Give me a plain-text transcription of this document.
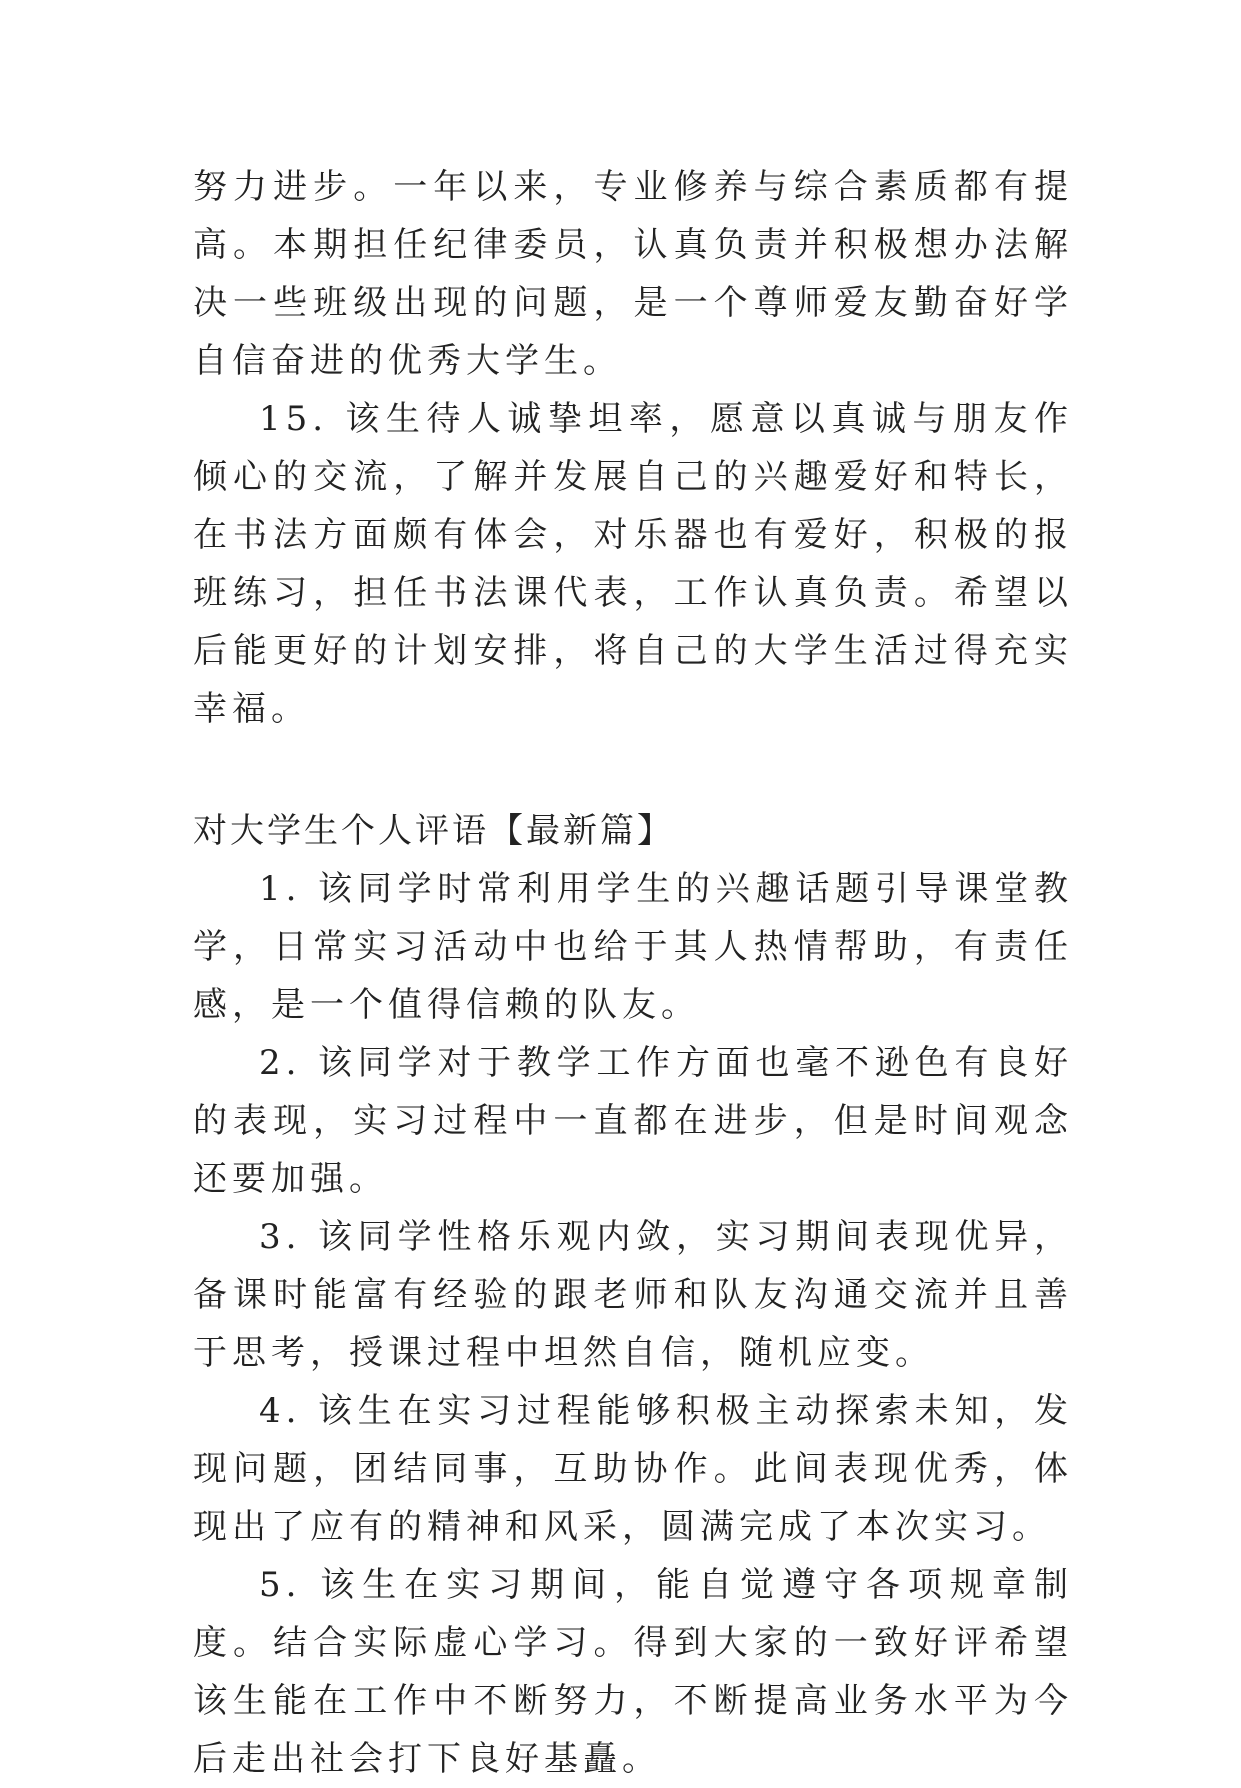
努力进步。一年以来，专业修养与综合素质都有提高。本期担任纪律委员，认真负责并积极想办法解决一些班级出现的问题，是一个尊师爱友勤奋好学自信奋进的优秀大学生。

15. 该生待人诚挚坦率，愿意以真诚与朋友作倾心的交流，了解并发展自己的兴趣爱好和特长，在书法方面颇有体会，对乐器也有爱好，积极的报班练习，担任书法课代表，工作认真负责。希望以后能更好的计划安排，将自己的大学生活过得充实幸福。

对大学生个人评语【最新篇】

1. 该同学时常利用学生的兴趣话题引导课堂教学，日常实习活动中也给于其人热情帮助，有责任感，是一个值得信赖的队友。

2. 该同学对于教学工作方面也毫不逊色有良好的表现，实习过程中一直都在进步，但是时间观念还要加强。

3. 该同学性格乐观内敛，实习期间表现优异，备课时能富有经验的跟老师和队友沟通交流并且善于思考，授课过程中坦然自信，随机应变。

4. 该生在实习过程能够积极主动探索未知，发现问题，团结同事，互助协作。此间表现优秀，体现出了应有的精神和风采，圆满完成了本次实习。

5. 该生在实习期间，能自觉遵守各项规章制度。结合实际虚心学习。得到大家的一致好评希望该生能在工作中不断努力，不断提高业务水平为今后走出社会打下良好基矗。
